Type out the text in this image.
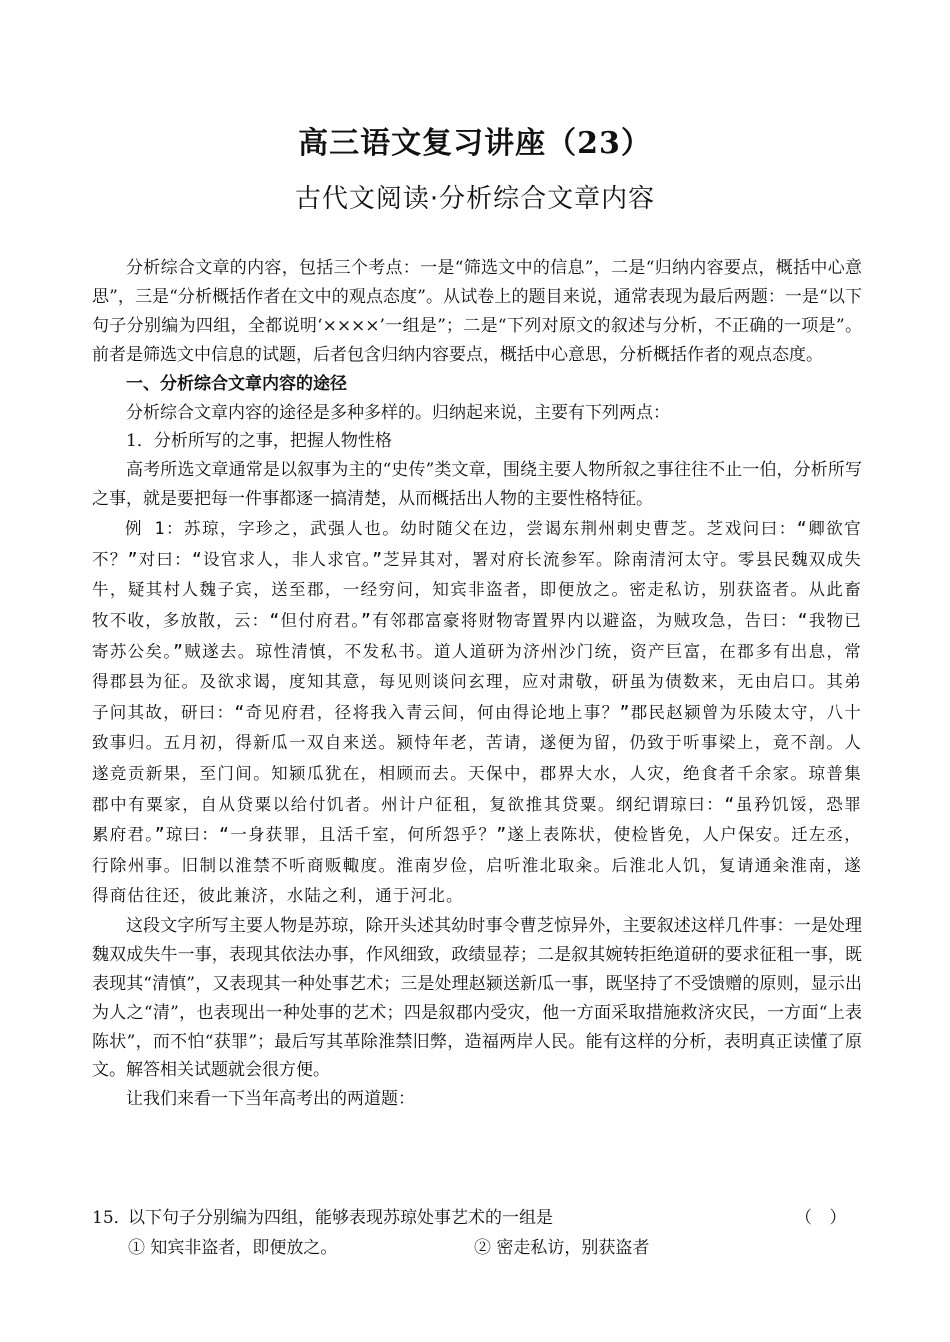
高三语文复习讲座（23）
古代文阅读·分析综合文章内容

分析综合文章的内容，包括三个考点：一是“筛选文中的信息”，二是“归纳内容要点，概括中心意思”，三是“分析概括作者在文中的观点态度”。从试卷上的题目来说，通常表现为最后两题：一是“以下句子分别编为四组，全都说明‘××××’一组是”；二是“下列对原文的叙述与分析，不正确的一项是”。前者是筛选文中信息的试题，后者包含归纳内容要点，概括中心意思，分析概括作者的观点态度。

一、分析综合文章内容的途径

分析综合文章内容的途径是多种多样的。归纳起来说，主要有下列两点：

1．分析所写的之事，把握人物性格

高考所选文章通常是以叙事为主的“史传”类文章，围绕主要人物所叙之事往往不止一伯，分析所写之事，就是要把每一件事都逐一搞清楚，从而概括出人物的主要性格特征。

例 1：苏琼，字珍之，武强人也。幼时随父在边，尝谒东荆州刺史曹芝。芝戏问曰：“卿欲官不？”对曰：“设官求人，非人求官。”芝异其对，署对府长流参军。除南清河太守。零县民魏双成失牛，疑其村人魏子宾，送至郡，一经穷问，知宾非盗者，即便放之。密走私访，别获盗者。从此畜牧不收，多放散，云：“但付府君。”有邻郡富豪将财物寄置界内以避盗，为贼攻急，告曰：“我物已寄苏公矣。”贼遂去。琼性清慎，不发私书。道人道研为济州沙门统，资产巨富，在郡多有出息，常得郡县为征。及欲求谒，度知其意，每见则谈问玄理，应对肃敬，研虽为债数来，无由启口。其弟子问其故，研曰：“奇见府君，径将我入青云间，何由得论地上事？”郡民赵颍曾为乐陵太守，八十致事归。五月初，得新瓜一双自来送。颍恃年老，苦请，遂便为留，仍致于听事梁上，竟不剖。人遂竞贡新果，至门间。知颍瓜犹在，相顾而去。天保中，郡界大水，人灾，绝食者千余家。琼普集郡中有粟家，自从贷粟以给付饥者。州计户征租，复欲推其贷粟。纲纪谓琼曰：“虽矜饥馁，恐罪累府君。”琼曰：“一身获罪，且活千室，何所怨乎？”遂上表陈状，使检皆免，人户保安。迁左丞，行除州事。旧制以淮禁不听商贩輙度。淮南岁俭，启听淮北取籴。后淮北人饥，复请通籴淮南，遂得商估往还，彼此兼济，水陆之利，通于河北。

这段文字所写主要人物是苏琼，除开头述其幼时事令曹芝惊异外，主要叙述这样几件事：一是处理魏双成失牛一事，表现其依法办事，作风细致，政绩显荐；二是叙其婉转拒绝道研的要求征租一事，既表现其“清慎”，又表现其一种处事艺术；三是处理赵颍送新瓜一事，既坚持了不受馈赠的原则，显示出为人之“清”，也表现出一种处事的艺术；四是叙郡内受灾，他一方面采取措施救济灾民，一方面“上表陈状”，而不怕“获罪”；最后写其革除淮禁旧弊，造福两岸人民。能有这样的分析，表明真正读懂了原文。解答相关试题就会很方便。

让我们来看一下当年高考出的两道题：

15．
以下句子分别编为四组，能够表现苏琼处事艺术的一组是	（ ）
① 知宾非盗者，即便放之。	② 密走私访，别获盗者
